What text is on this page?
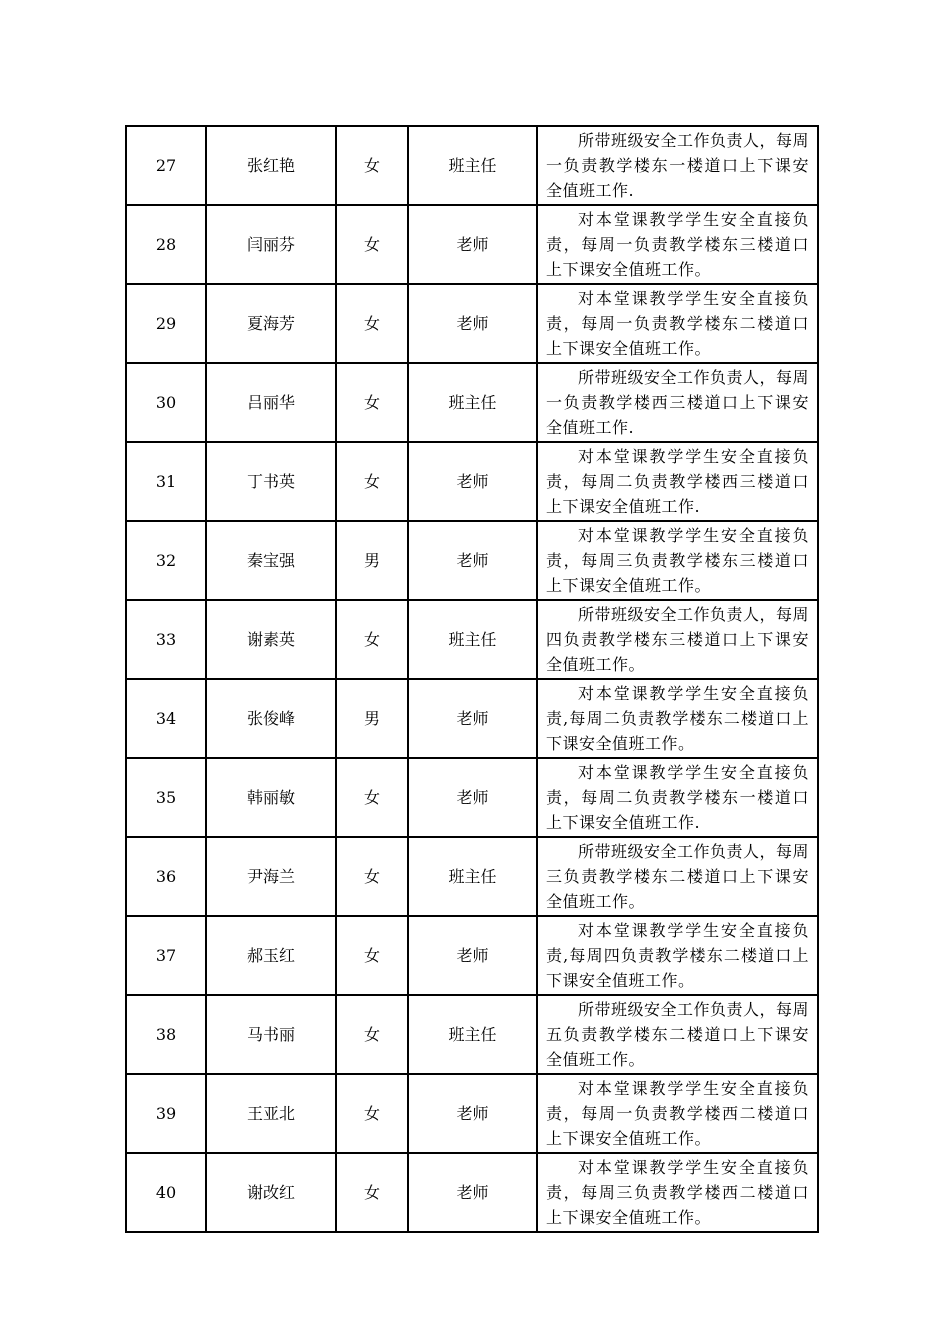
27	张红艳	女	班主任	所带班级安全工作负责人，每周一负责教学楼东一楼道口上下课安全值班工作.
28	闫丽芬	女	老师	对本堂课教学学生安全直接负责，每周一负责教学楼东三楼道口上下课安全值班工作。
29	夏海芳	女	老师	对本堂课教学学生安全直接负责，每周一负责教学楼东二楼道口上下课安全值班工作。
30	吕丽华	女	班主任	所带班级安全工作负责人，每周一负责教学楼西三楼道口上下课安全值班工作.
31	丁书英	女	老师	对本堂课教学学生安全直接负责，每周二负责教学楼西三楼道口上下课安全值班工作.
32	秦宝强	男	老师	对本堂课教学学生安全直接负责，每周三负责教学楼东三楼道口上下课安全值班工作。
33	谢素英	女	班主任	所带班级安全工作负责人，每周四负责教学楼东三楼道口上下课安全值班工作。
34	张俊峰	男	老师	对本堂课教学学生安全直接负责,每周二负责教学楼东二楼道口上下课安全值班工作。
35	韩丽敏	女	老师	对本堂课教学学生安全直接负责，每周二负责教学楼东一楼道口上下课安全值班工作.
36	尹海兰	女	班主任	所带班级安全工作负责人，每周三负责教学楼东二楼道口上下课安全值班工作。
37	郝玉红	女	老师	对本堂课教学学生安全直接负责,每周四负责教学楼东二楼道口上下课安全值班工作。
38	马书丽	女	班主任	所带班级安全工作负责人，每周五负责教学楼东二楼道口上下课安全值班工作。
39	王亚北	女	老师	对本堂课教学学生安全直接负责，每周一负责教学楼西二楼道口上下课安全值班工作。
40	谢改红	女	老师	对本堂课教学学生安全直接负责，每周三负责教学楼西二楼道口上下课安全值班工作。
